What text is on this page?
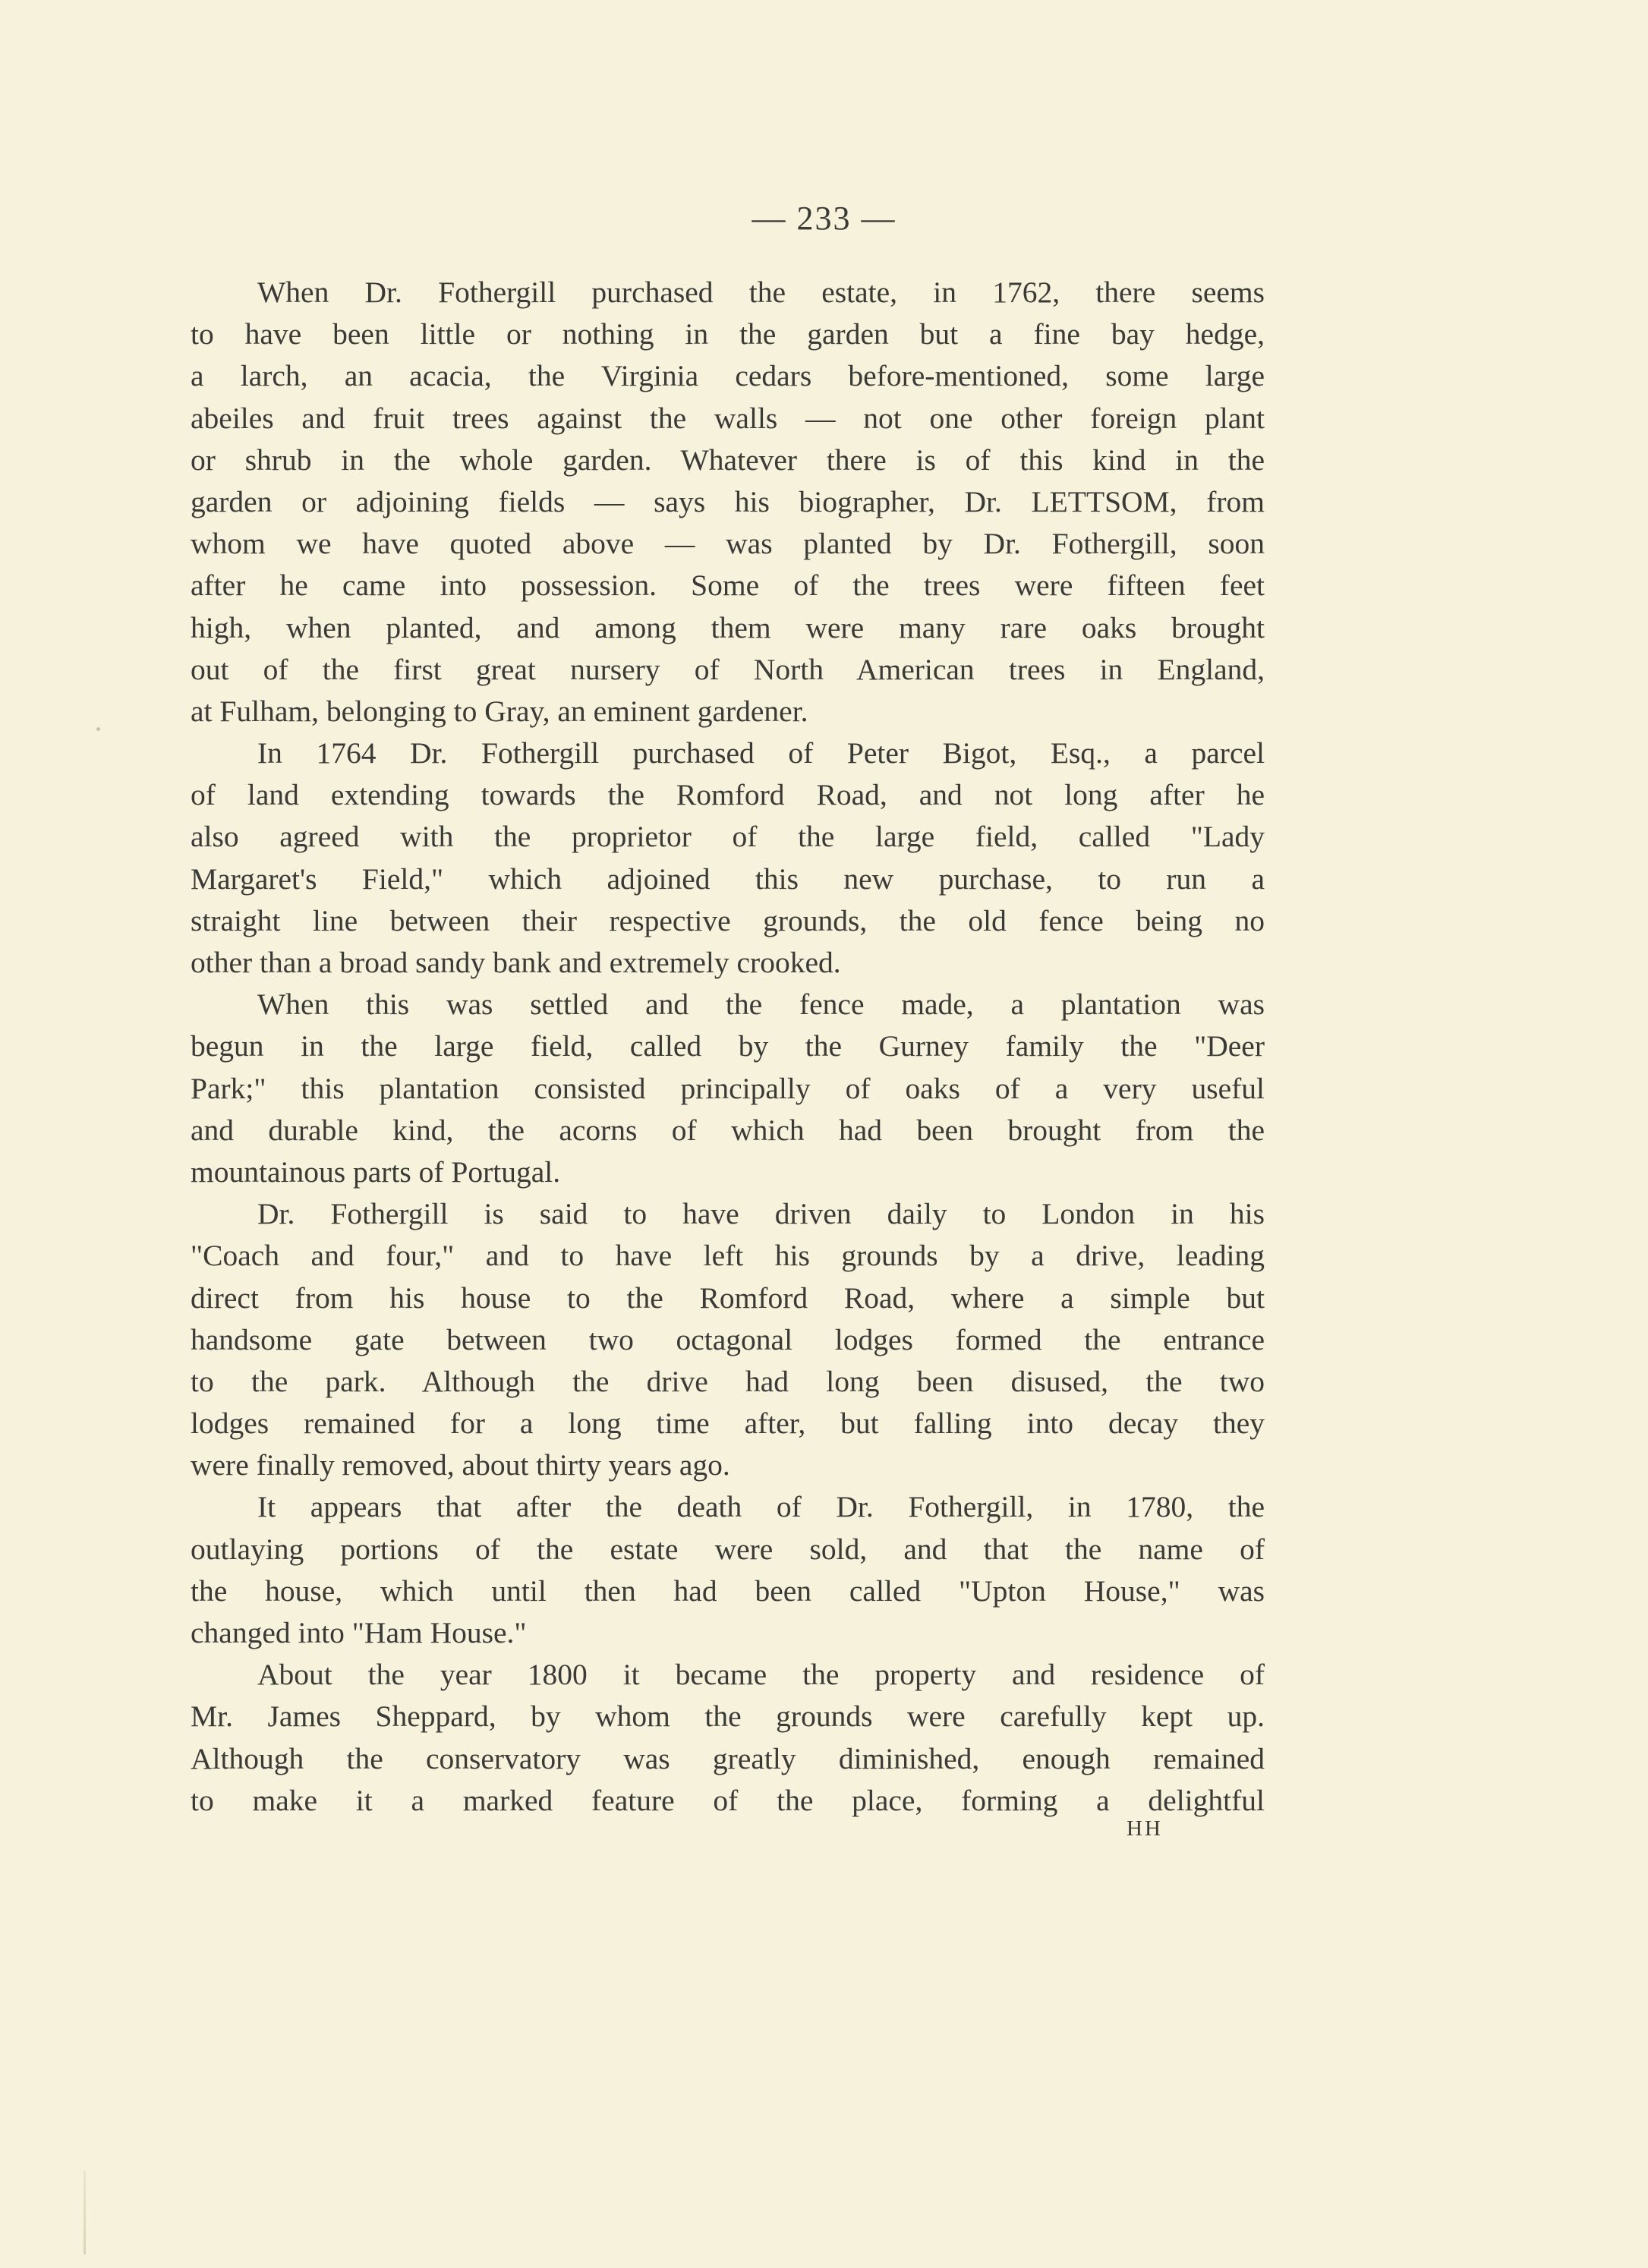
— 233 —
When Dr. Fothergill purchased the estate, in 1762, there seems
to have been little or nothing in the garden but a fine bay hedge,
a larch, an acacia, the Virginia cedars before-mentioned, some large
abeiles and fruit trees against the walls — not one other foreign plant
or shrub in the whole garden. Whatever there is of this kind in the
garden or adjoining fields — says his biographer, Dr. LETTSOM, from
whom we have quoted above — was planted by Dr. Fothergill, soon
after he came into possession. Some of the trees were fifteen feet
high, when planted, and among them were many rare oaks brought
out of the first great nursery of North American trees in England,
at Fulham, belonging to Gray, an eminent gardener.
In 1764 Dr. Fothergill purchased of Peter Bigot, Esq., a parcel
of land extending towards the Romford Road, and not long after he
also agreed with the proprietor of the large field, called "Lady
Margaret's Field," which adjoined this new purchase, to run a
straight line between their respective grounds, the old fence being no
other than a broad sandy bank and extremely crooked.
When this was settled and the fence made, a plantation was
begun in the large field, called by the Gurney family the "Deer
Park;" this plantation consisted principally of oaks of a very useful
and durable kind, the acorns of which had been brought from the
mountainous parts of Portugal.
Dr. Fothergill is said to have driven daily to London in his
"Coach and four," and to have left his grounds by a drive, leading
direct from his house to the Romford Road, where a simple but
handsome gate between two octagonal lodges formed the entrance
to the park. Although the drive had long been disused, the two
lodges remained for a long time after, but falling into decay they
were finally removed, about thirty years ago.
It appears that after the death of Dr. Fothergill, in 1780, the
outlaying portions of the estate were sold, and that the name of
the house, which until then had been called "Upton House," was
changed into "Ham House."
About the year 1800 it became the property and residence of
Mr. James Sheppard, by whom the grounds were carefully kept up.
Although the conservatory was greatly diminished, enough remained
to make it a marked feature of the place, forming a delightful
HH
